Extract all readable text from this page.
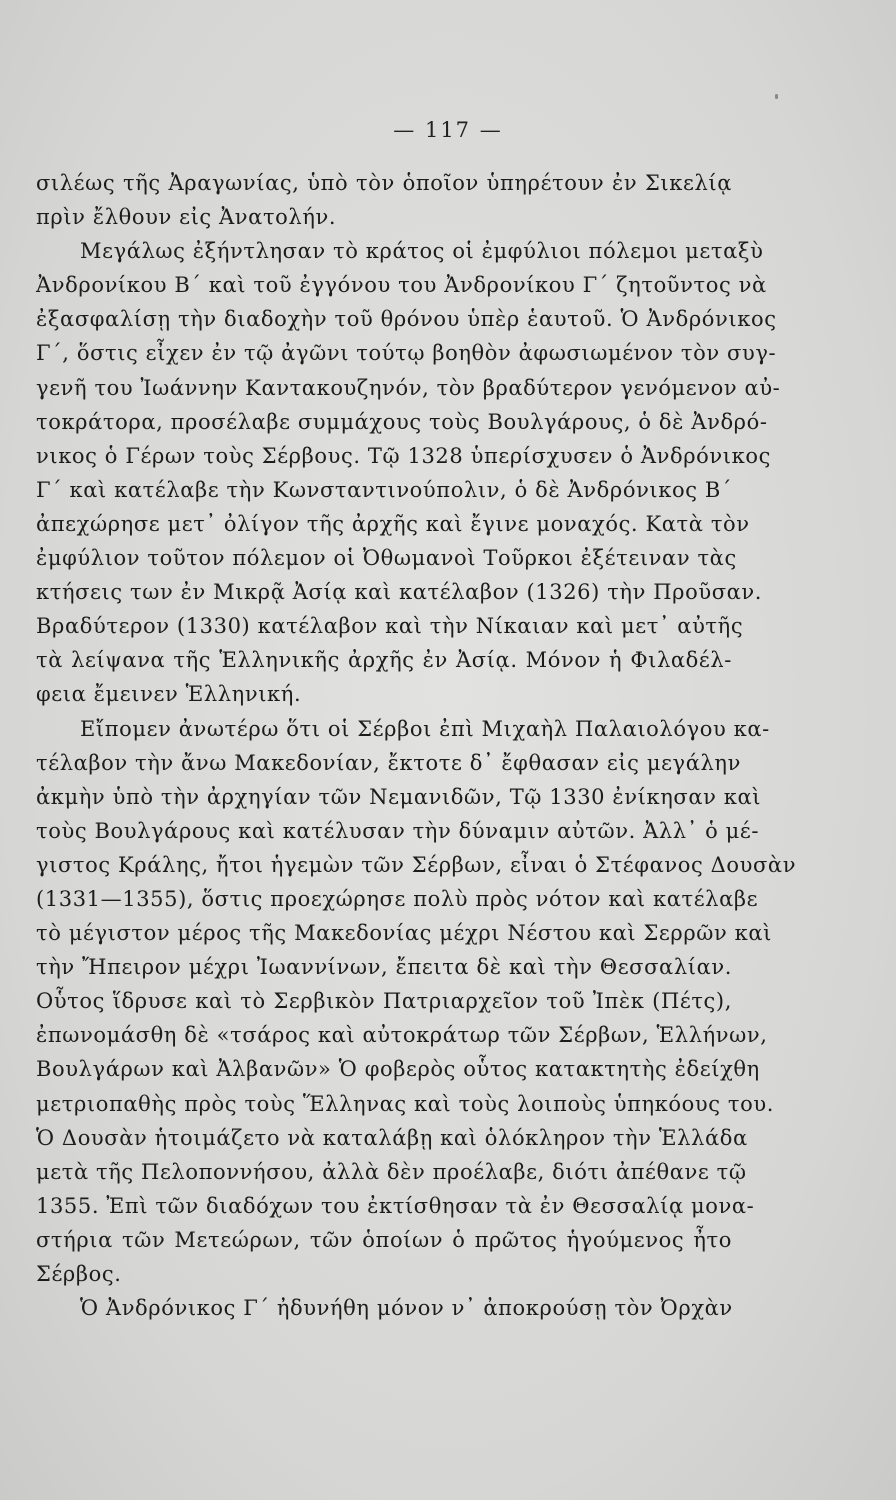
— 117 —
σιλέως τῆς Ἀραγωνίας, ὑπὸ τὸν ὁποῖον ὑπηρέτουν ἐν Σικελίᾳ
πρὶν ἔλθουν εἰς Ἀνατολήν.
Μεγάλως ἐξήντλησαν τὸ κράτος οἱ ἐμφύλιοι πόλεμοι μεταξὺ
Ἀνδρονίκου Β΄ καὶ τοῦ ἐγγόνου του Ἀνδρονίκου Γ΄ ζητοῦντος νὰ
ἐξασφαλίσῃ τὴν διαδοχὴν τοῦ θρόνου ὑπὲρ ἑαυτοῦ. Ὁ Ἀνδρόνικος
Γ΄, ὅστις εἶχεν ἐν τῷ ἀγῶνι τούτῳ βοηθὸν ἀφωσιωμένον τὸν συγ-
γενῆ του Ἰωάννην Καντακουζηνόν, τὸν βραδύτερον γενόμενον αὐ-
τοκράτορα, προσέλαβε συμμάχους τοὺς Βουλγάρους, ὁ δὲ Ἀνδρό-
νικος ὁ Γέρων τοὺς Σέρβους. Τῷ 1328 ὑπερίσχυσεν ὁ Ἀνδρόνικος
Γ΄ καὶ κατέλαβε τὴν Κωνσταντινούπολιν, ὁ δὲ Ἀνδρόνικος Β΄
ἀπεχώρησε μετ᾽ ὀλίγον τῆς ἀρχῆς καὶ ἔγινε μοναχός. Κατὰ τὸν
ἐμφύλιον τοῦτον πόλεμον οἱ Ὀθωμανοὶ Τοῦρκοι ἐξέτειναν τὰς
κτήσεις των ἐν Μικρᾷ Ἀσίᾳ καὶ κατέλαβον (1326) τὴν Προῦσαν.
Βραδύτερον (1330) κατέλαβον καὶ τὴν Νίκαιαν καὶ μετ᾽ αὐτῆς
τὰ λείψανα τῆς Ἑλληνικῆς ἀρχῆς ἐν Ἀσίᾳ. Μόνον ἡ Φιλαδέλ-
φεια ἔμεινεν Ἑλληνική.
Εἴπομεν ἀνωτέρω ὅτι οἱ Σέρβοι ἐπὶ Μιχαὴλ Παλαιολόγου κα-
τέλαβον τὴν ἄνω Μακεδονίαν, ἔκτοτε δ᾽ ἔφθασαν εἰς μεγάλην
ἀκμὴν ὑπὸ τὴν ἀρχηγίαν τῶν Νεμανιδῶν, Τῷ 1330 ἐνίκησαν καὶ
τοὺς Βουλγάρους καὶ κατέλυσαν τὴν δύναμιν αὐτῶν. Ἀλλ᾽ ὁ μέ-
γιστος Κράλης, ἤτοι ἡγεμὼν τῶν Σέρβων, εἶναι ὁ Στέφανος Δουσὰν
(1331—1355), ὅστις προεχώρησε πολὺ πρὸς νότον καὶ κατέλαβε
τὸ μέγιστον μέρος τῆς Μακεδονίας μέχρι Νέστου καὶ Σερρῶν καὶ
τὴν Ἤπειρον μέχρι Ἰωαννίνων, ἔπειτα δὲ καὶ τὴν Θεσσαλίαν.
Οὗτος ἵδρυσε καὶ τὸ Σερβικὸν Πατριαρχεῖον τοῦ Ἰπὲκ (Πέτς),
ἐπωνομάσθη δὲ «τσάρος καὶ αὐτοκράτωρ τῶν Σέρβων, Ἑλλήνων,
Βουλγάρων καὶ Ἀλβανῶν» Ὁ φοβερὸς οὗτος κατακτητὴς ἐδείχθη
μετριοπαθὴς πρὸς τοὺς Ἕλληνας καὶ τοὺς λοιποὺς ὑπηκόους του.
Ὁ Δουσὰν ἡτοιμάζετο νὰ καταλάβῃ καὶ ὁλόκληρον τὴν Ἑλλάδα
μετὰ τῆς Πελοποννήσου, ἀλλὰ δὲν προέλαβε, διότι ἀπέθανε τῷ
1355. Ἐπὶ τῶν διαδόχων του ἐκτίσθησαν τὰ ἐν Θεσσαλίᾳ μονα-
στήρια τῶν Μετεώρων, τῶν ὁποίων ὁ πρῶτος ἡγούμενος ἦτο
Σέρβος.
Ὁ Ἀνδρόνικος Γ΄ ἠδυνήθη μόνον ν᾽ ἀποκρούσῃ τὸν Ὀρχὰν
